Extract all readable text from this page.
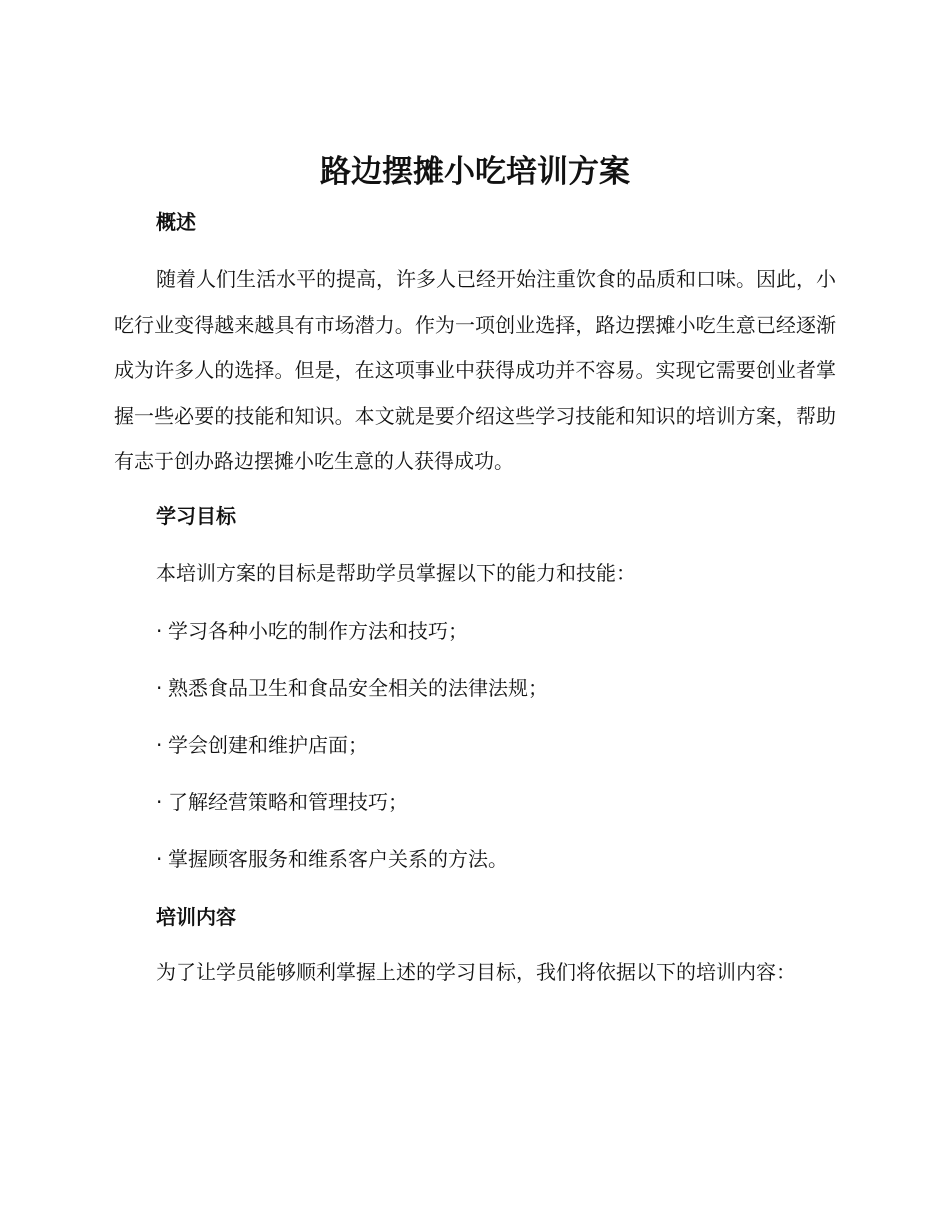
路边摆摊小吃培训方案
概述

随着人们生活水平的提高，许多人已经开始注重饮食的品质和口味。因此，小吃行业变得越来越具有市场潜力。作为一项创业选择，路边摆摊小吃生意已经逐渐成为许多人的选择。但是，在这项事业中获得成功并不容易。实现它需要创业者掌握一些必要的技能和知识。本文就是要介绍这些学习技能和知识的培训方案，帮助有志于创办路边摆摊小吃生意的人获得成功。

学习目标

本培训方案的目标是帮助学员掌握以下的能力和技能：

· 学习各种小吃的制作方法和技巧；

· 熟悉食品卫生和食品安全相关的法律法规；

· 学会创建和维护店面；

· 了解经营策略和管理技巧；

· 掌握顾客服务和维系客户关系的方法。

培训内容

为了让学员能够顺利掌握上述的学习目标，我们将依据以下的培训内容：
